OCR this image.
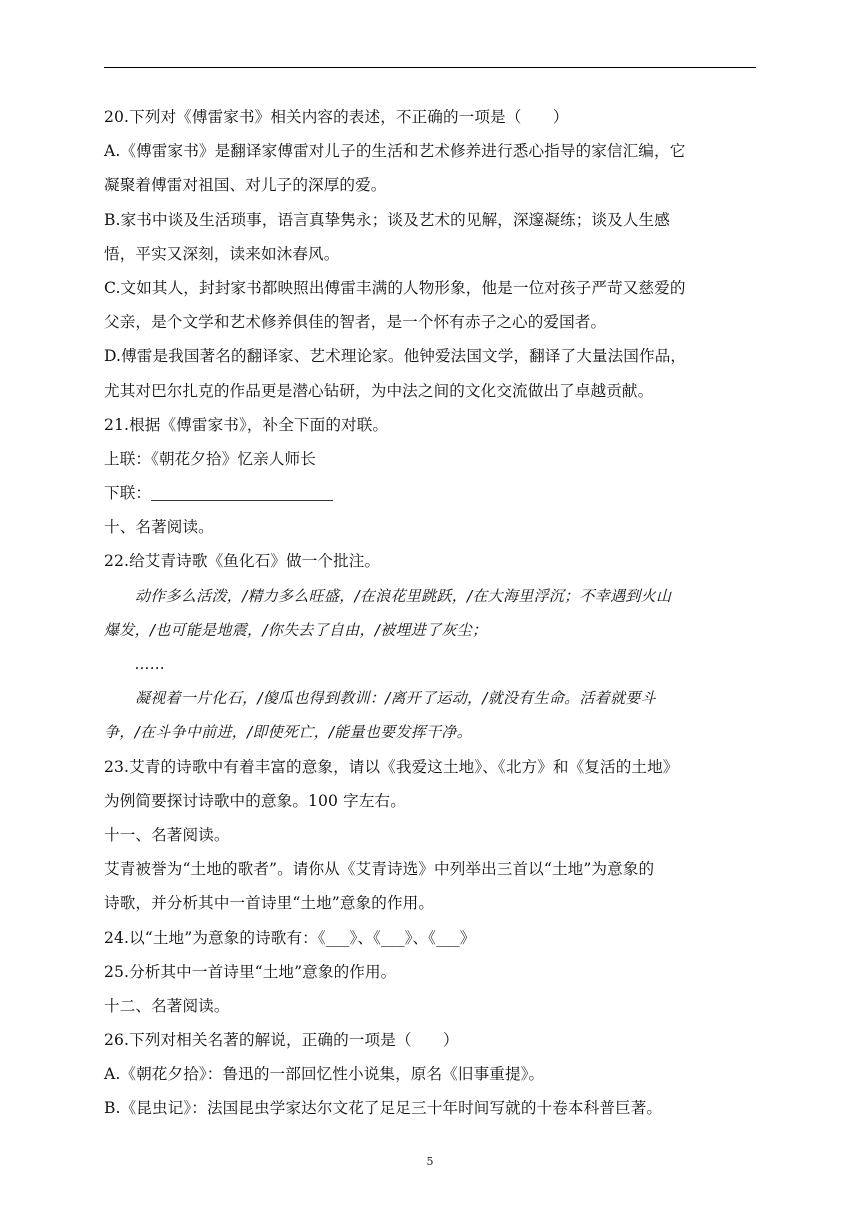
20.下列对《傅雷家书》相关内容的表述，不正确的一项是（　　）
A.《傅雷家书》是翻译家傅雷对儿子的生活和艺术修养进行悉心指导的家信汇编，它
凝聚着傅雷对祖国、对儿子的深厚的爱。
B.家书中谈及生活琐事，语言真挚隽永；谈及艺术的见解，深邃凝练；谈及人生感
悟，平实又深刻，读来如沐春风。
C.文如其人，封封家书都映照出傅雷丰满的人物形象，他是一位对孩子严苛又慈爱的
父亲，是个文学和艺术修养俱佳的智者，是一个怀有赤子之心的爱国者。
D.傅雷是我国著名的翻译家、艺术理论家。他钟爱法国文学，翻译了大量法国作品，
尤其对巴尔扎克的作品更是潜心钻研，为中法之间的文化交流做出了卓越贡献。
21.根据《傅雷家书》，补全下面的对联。
上联：《朝花夕拾》忆亲人师长
下联：
十、名著阅读。
22.给艾青诗歌《鱼化石》做一个批注。
动作多么活泼，/精力多么旺盛，/在浪花里跳跃，/在大海里浮沉；不幸遇到火山
爆发，/也可能是地震，/你失去了自由，/被埋进了灰尘；
……
凝视着一片化石，/傻瓜也得到教训：/离开了运动，/就没有生命。活着就要斗
争，/在斗争中前进，/即使死亡，/能量也要发挥干净。
23.艾青的诗歌中有着丰富的意象，请以《我爱这土地》、《北方》和《复活的土地》
为例简要探讨诗歌中的意象。100 字左右。
十一、名著阅读。
艾青被誉为“土地的歌者”。请你从《艾青诗选》中列举出三首以“土地”为意象的
诗歌，并分析其中一首诗里“土地”意象的作用。
24.以“土地”为意象的诗歌有：《___》、《___》、《___》
25.分析其中一首诗里“土地”意象的作用。
十二、名著阅读。
26.下列对相关名著的解说，正确的一项是（　　）
A.《朝花夕拾》：鲁迅的一部回忆性小说集，原名《旧事重提》。
B.《昆虫记》：法国昆虫学家达尔文花了足足三十年时间写就的十卷本科普巨著。
5
